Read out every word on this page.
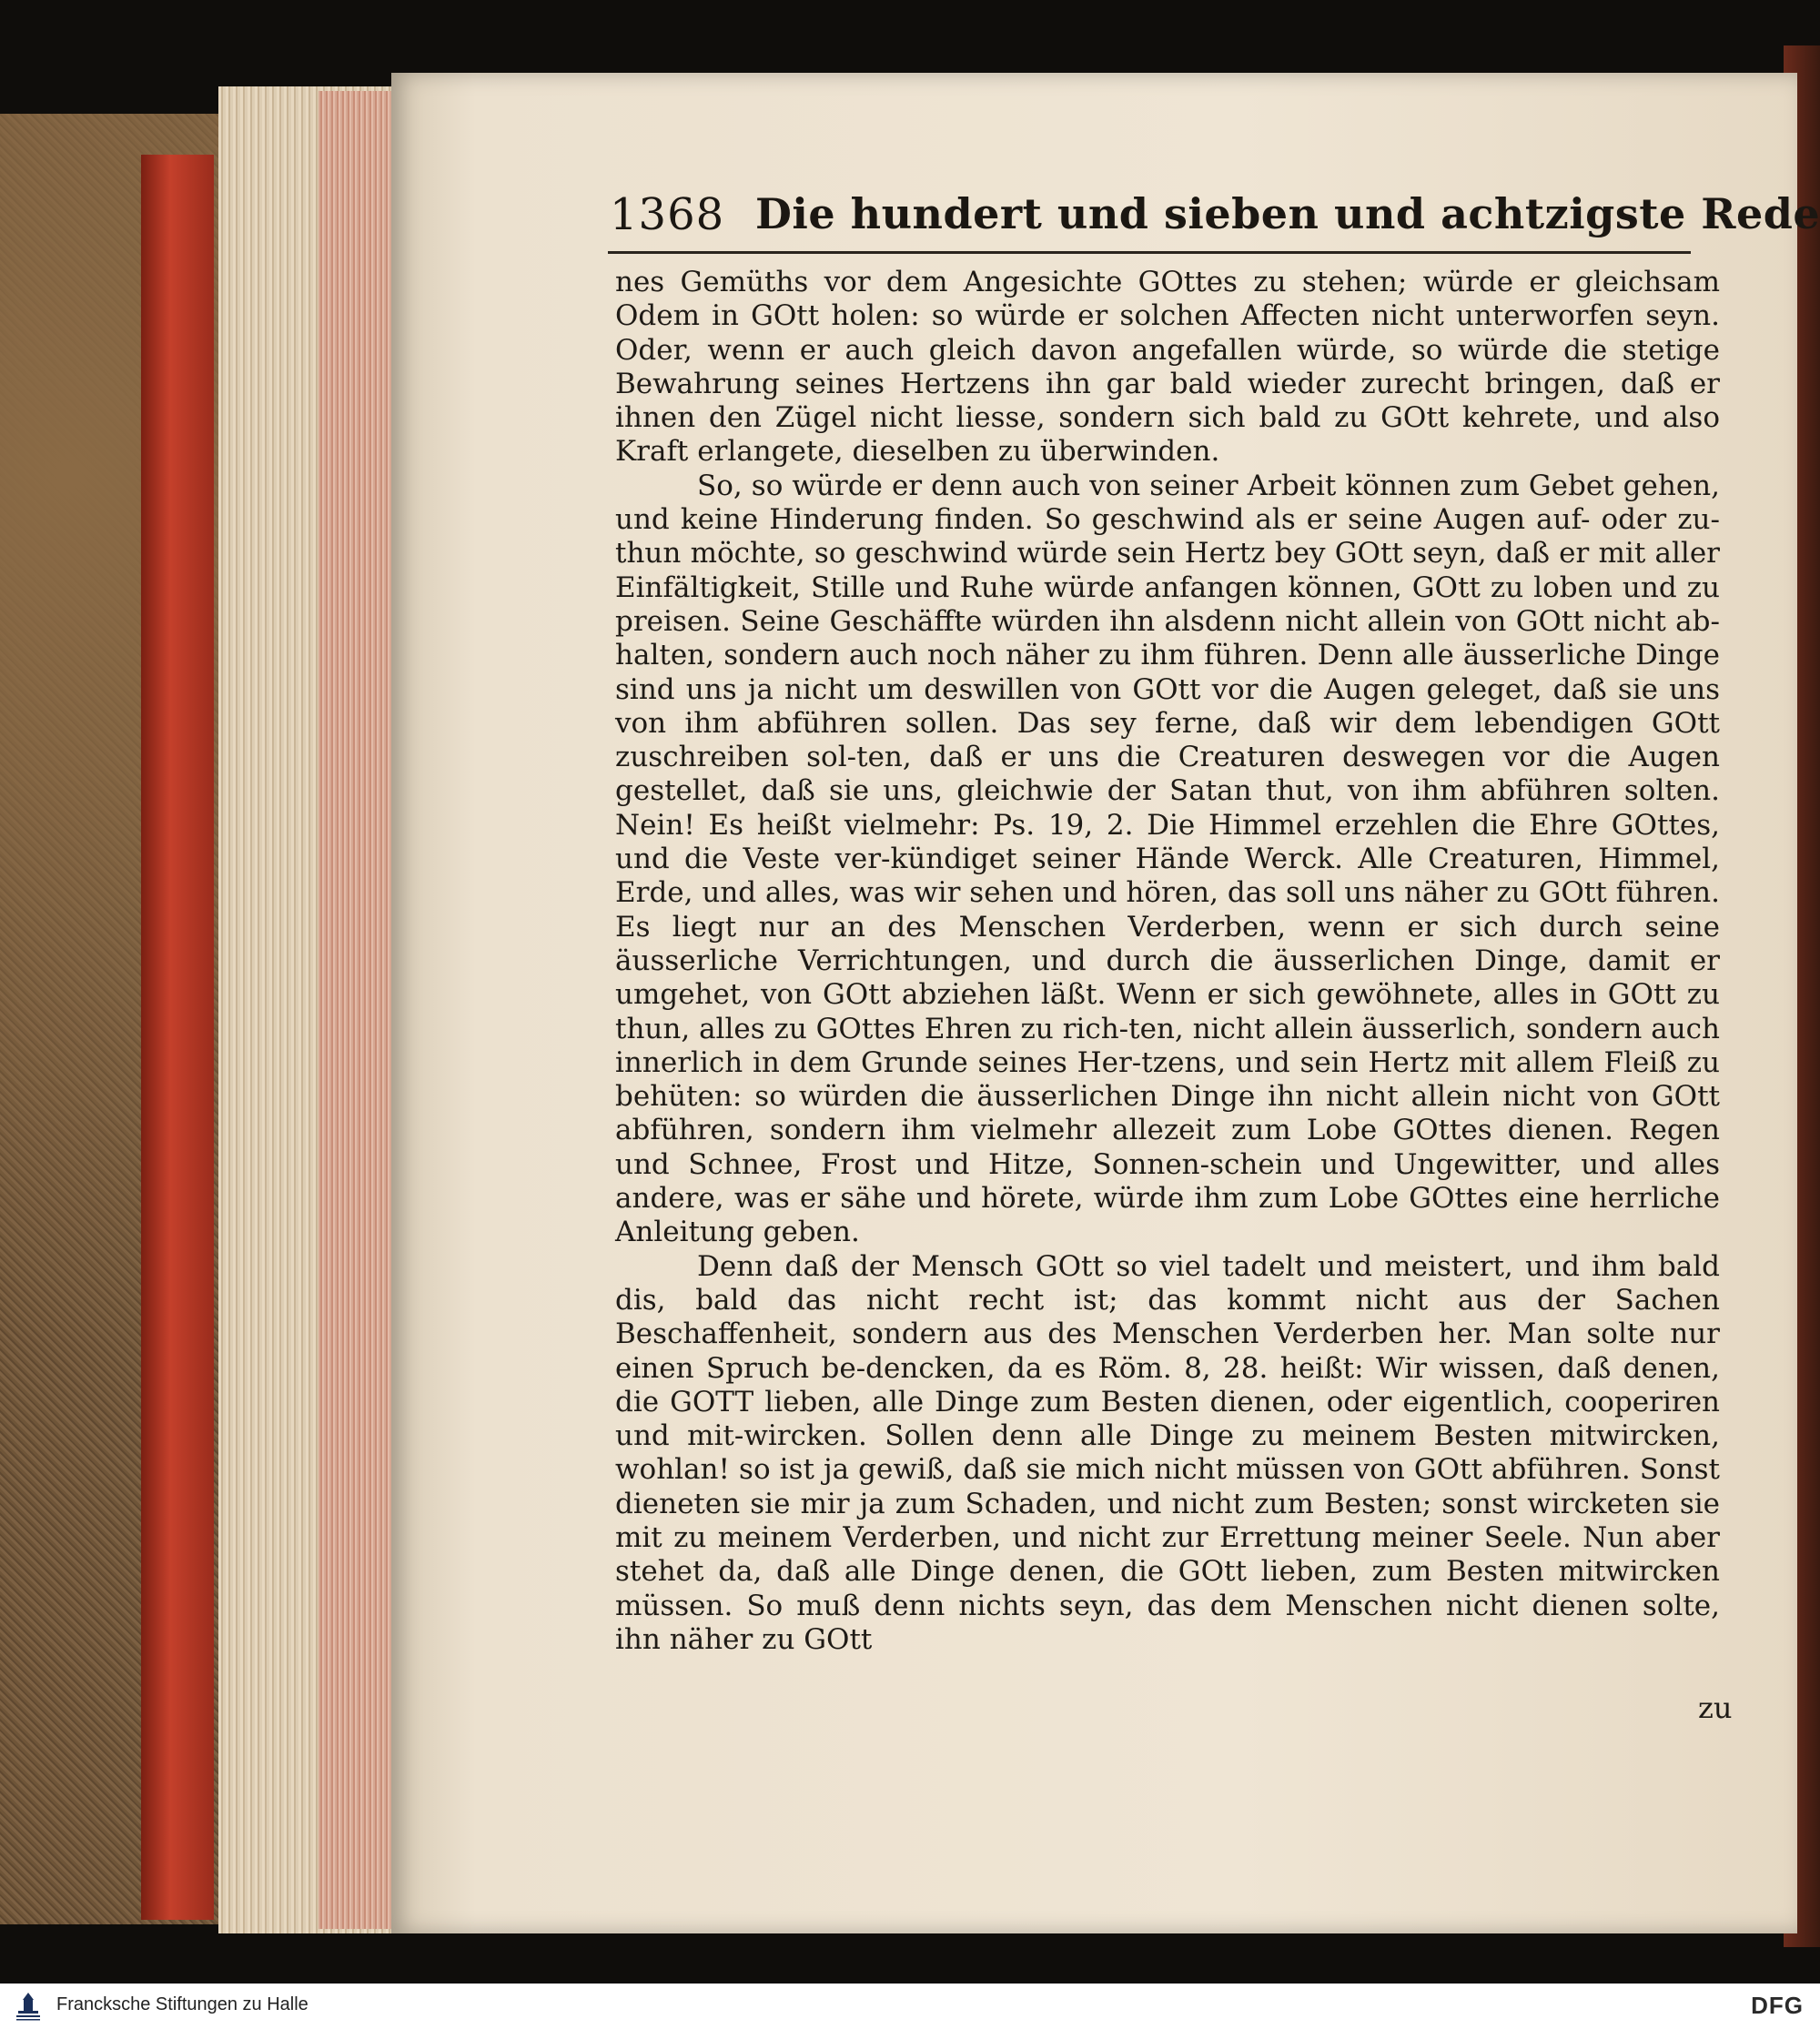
1368 Die hundert und sieben und achtzigste Rede

nes Gemüths vor dem Angesichte GOttes zu stehen; würde er gleichsam Odem in GOtt holen: so würde er solchen Affecten nicht unterworfen seyn. Oder, wenn er auch gleich davon angefallen würde, so würde die stetige Bewahrung seines Hertzens ihn gar bald wieder zurecht bringen, daß er ihnen den Zügel nicht liesse, sondern sich bald zu GOtt kehrete, und also Kraft erlangete, dieselben zu überwinden.

So, so würde er denn auch von seiner Arbeit können zum Gebet gehen, und keine Hinderung finden. So geschwind als er seine Augen auf- oder zu-thun möchte, so geschwind würde sein Hertz bey GOtt seyn, daß er mit aller Einfältigkeit, Stille und Ruhe würde anfangen können, GOtt zu loben und zu preisen. Seine Geschäffte würden ihn alsdenn nicht allein von GOtt nicht ab-halten, sondern auch noch näher zu ihm führen. Denn alle äusserliche Dinge sind uns ja nicht um deswillen von GOtt vor die Augen geleget, daß sie uns von ihm abführen sollen. Das sey ferne, daß wir dem lebendigen GOtt zuschreiben sol-ten, daß er uns die Creaturen deswegen vor die Augen gestellet, daß sie uns, gleichwie der Satan thut, von ihm abführen solten. Nein! Es heißt vielmehr: Ps. 19, 2. Die Himmel erzehlen die Ehre GOttes, und die Veste ver-kündiget seiner Hände Werck. Alle Creaturen, Himmel, Erde, und alles, was wir sehen und hören, das soll uns näher zu GOtt führen. Es liegt nur an des Menschen Verderben, wenn er sich durch seine äusserliche Verrichtungen, und durch die äusserlichen Dinge, damit er umgehet, von GOtt abziehen läßt. Wenn er sich gewöhnete, alles in GOtt zu thun, alles zu GOttes Ehren zu rich-ten, nicht allein äusserlich, sondern auch innerlich in dem Grunde seines Her-tzens, und sein Hertz mit allem Fleiß zu behüten: so würden die äusserlichen Dinge ihn nicht allein nicht von GOtt abführen, sondern ihm vielmehr allezeit zum Lobe GOttes dienen. Regen und Schnee, Frost und Hitze, Sonnen-schein und Ungewitter, und alles andere, was er sähe und hörete, würde ihm zum Lobe GOttes eine herrliche Anleitung geben.

Denn daß der Mensch GOtt so viel tadelt und meistert, und ihm bald dis, bald das nicht recht ist; das kommt nicht aus der Sachen Beschaffenheit, sondern aus des Menschen Verderben her. Man solte nur einen Spruch be-dencken, da es Röm. 8, 28. heißt: Wir wissen, daß denen, die GOTT lieben, alle Dinge zum Besten dienen, oder eigentlich, cooperiren und mit-wircken. Sollen denn alle Dinge zu meinem Besten mitwircken, wohlan! so ist ja gewiß, daß sie mich nicht müssen von GOtt abführen. Sonst dieneten sie mir ja zum Schaden, und nicht zum Besten; sonst wircketen sie mit zu meinem Verderben, und nicht zur Errettung meiner Seele. Nun aber stehet da, daß alle Dinge denen, die GOtt lieben, zum Besten mitwircken müssen. So muß denn nichts seyn, das dem Menschen nicht dienen solte, ihn näher zu GOtt

zu
Francksche Stiftungen zu Halle	DFG
